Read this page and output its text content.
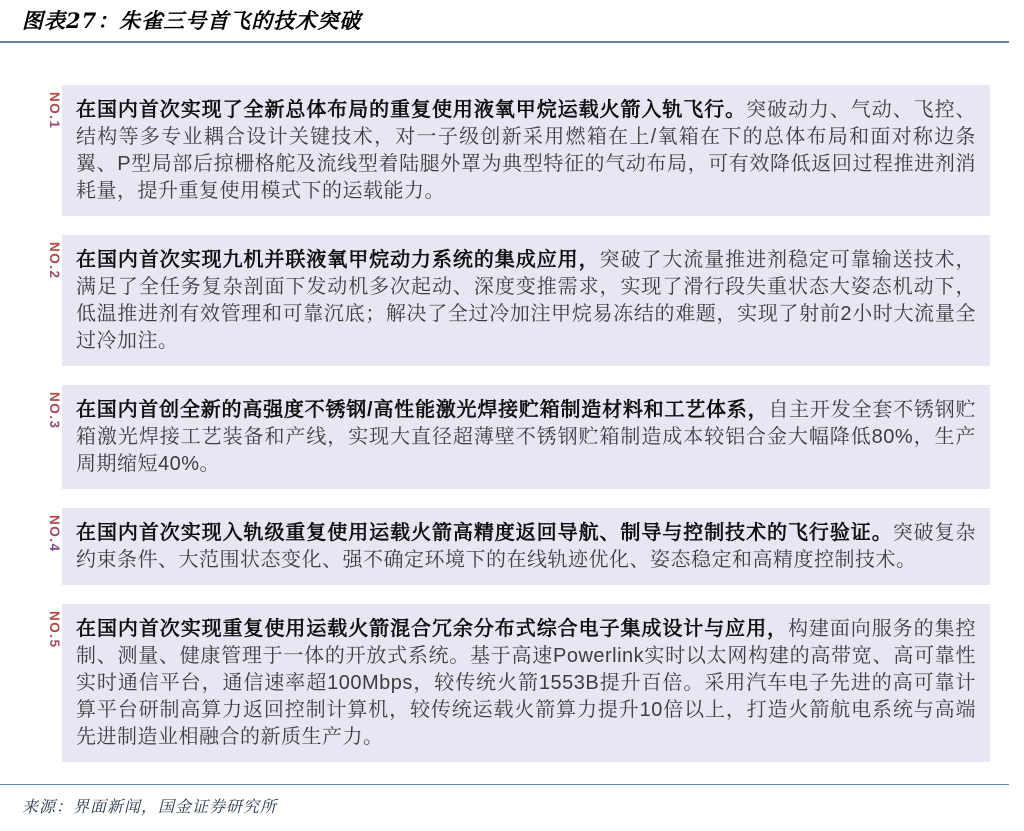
图表27：朱雀三号首飞的技术突破
NO.1 在国内首次实现了全新总体布局的重复使用液氧甲烷运载火箭入轨飞行。突破动力、气动、飞控、结构等多专业耦合设计关键技术，对一子级创新采用燃箱在上/氧箱在下的总体布局和面对称边条翼、P型局部后掠栅格舵及流线型着陆腿外罩为典型特征的气动布局，可有效降低返回过程推进剂消耗量，提升重复使用模式下的运载能力。

NO.2 在国内首次实现九机并联液氧甲烷动力系统的集成应用，突破了大流量推进剂稳定可靠输送技术，满足了全任务复杂剖面下发动机多次起动、深度变推需求，实现了滑行段失重状态大姿态机动下，低温推进剂有效管理和可靠沉底；解决了全过冷加注甲烷易冻结的难题，实现了射前2小时大流量全过冷加注。

NO.3 在国内首创全新的高强度不锈钢/高性能激光焊接贮箱制造材料和工艺体系，自主开发全套不锈钢贮箱激光焊接工艺装备和产线，实现大直径超薄壁不锈钢贮箱制造成本较铝合金大幅降低80%，生产周期缩短40%。

NO.4 在国内首次实现入轨级重复使用运载火箭高精度返回导航、制导与控制技术的飞行验证。突破复杂约束条件、大范围状态变化、强不确定环境下的在线轨迹优化、姿态稳定和高精度控制技术。

NO.5 在国内首次实现重复使用运载火箭混合冗余分布式综合电子集成设计与应用，构建面向服务的集控制、测量、健康管理于一体的开放式系统。基于高速Powerlink实时以太网构建的高带宽、高可靠性实时通信平台，通信速率超100Mbps，较传统火箭1553B提升百倍。采用汽车电子先进的高可靠计算平台研制高算力返回控制计算机，较传统运载火箭算力提升10倍以上，打造火箭航电系统与高端先进制造业相融合的新质生产力。

来源：界面新闻，国金证券研究所
